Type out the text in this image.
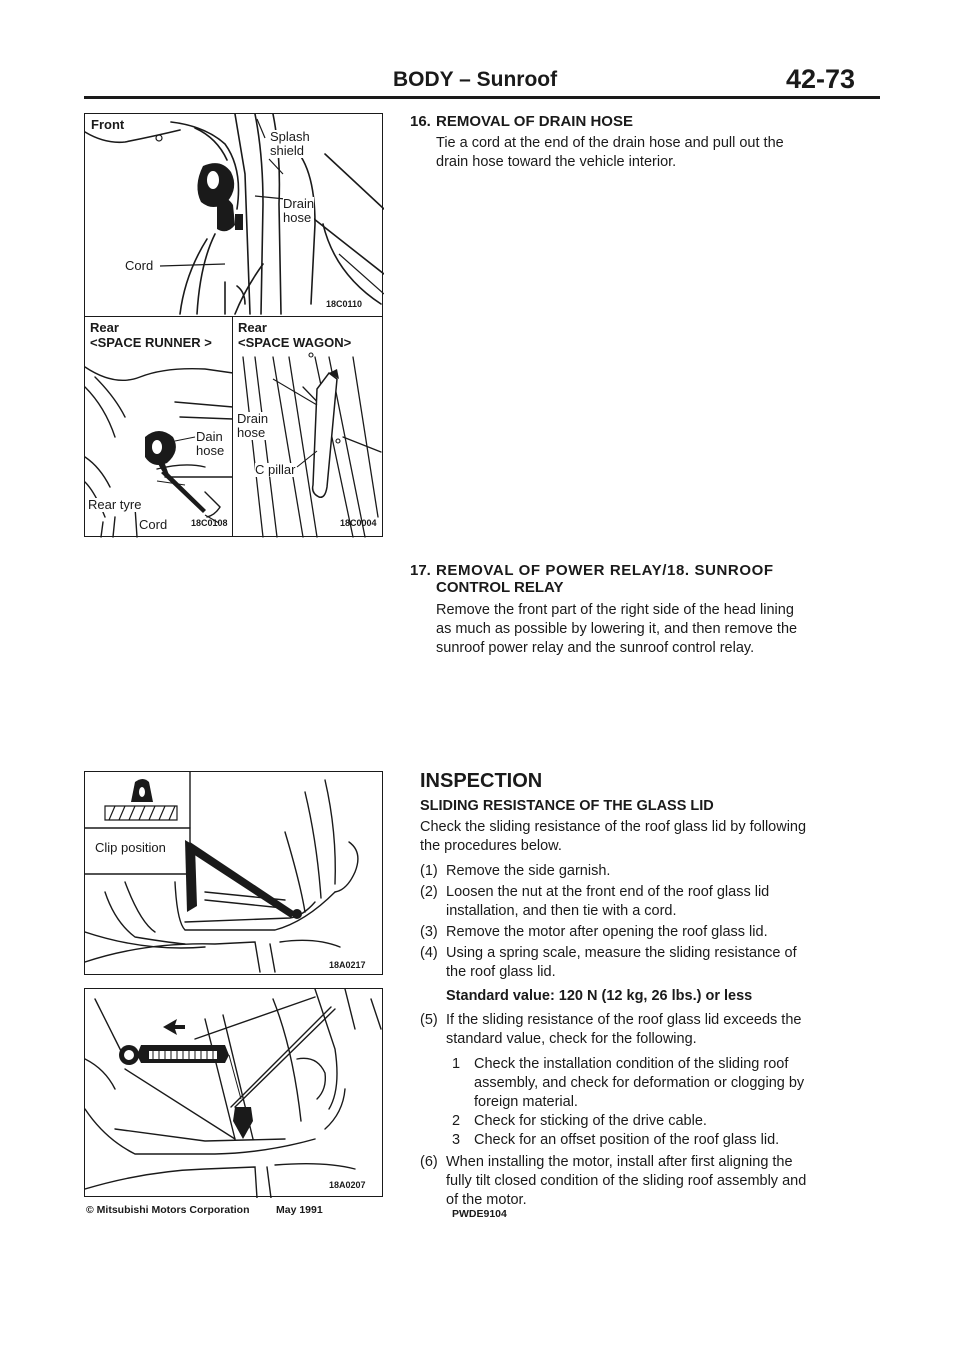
BODY – Sunroof	42-73
Front
Splash
shield
Drain
hose
Cord
18C0110
Rear
<SPACE RUNNER >
Dain
hose
Rear tyre
Cord	18C0108
Rear
<SPACE WAGON>
Drain
hose
C pillar
18C0004
16. REMOVAL OF DRAIN HOSE
Tie a cord at the end of the drain hose and pull out the
drain hose toward the vehicle interior.
17. REMOVAL OF POWER RELAY/18. SUNROOF
CONTROL RELAY
Remove the front part of the right side of the head lining
as much as possible by lowering it, and then remove the
sunroof power relay and the sunroof control relay.
Clip position
18A0217
18A0207
© Mitsubishi Motors Corporation	May 1991
INSPECTION
SLIDING RESISTANCE OF THE GLASS LID
Check the sliding resistance of the roof glass lid by following
the procedures below.
(1) Remove the side garnish.
(2) Loosen the nut at the front end of the roof glass lid
installation, and then tie with a cord.
(3) Remove the motor after opening the roof glass lid.
(4) Using a spring scale, measure the sliding resistance of
the roof glass lid.
Standard value: 120 N (12 kg, 26 lbs.) or less
(5) If the sliding resistance of the roof glass lid exceeds the
standard value, check for the following.
1 Check the installation condition of the sliding roof
assembly, and check for deformation or clogging by
foreign material.
2 Check for sticking of the drive cable.
3 Check for an offset position of the roof glass lid.
(6) When installing the motor, install after first aligning the
fully tilt closed condition of the sliding roof assembly and
of the motor.
PWDE9104
